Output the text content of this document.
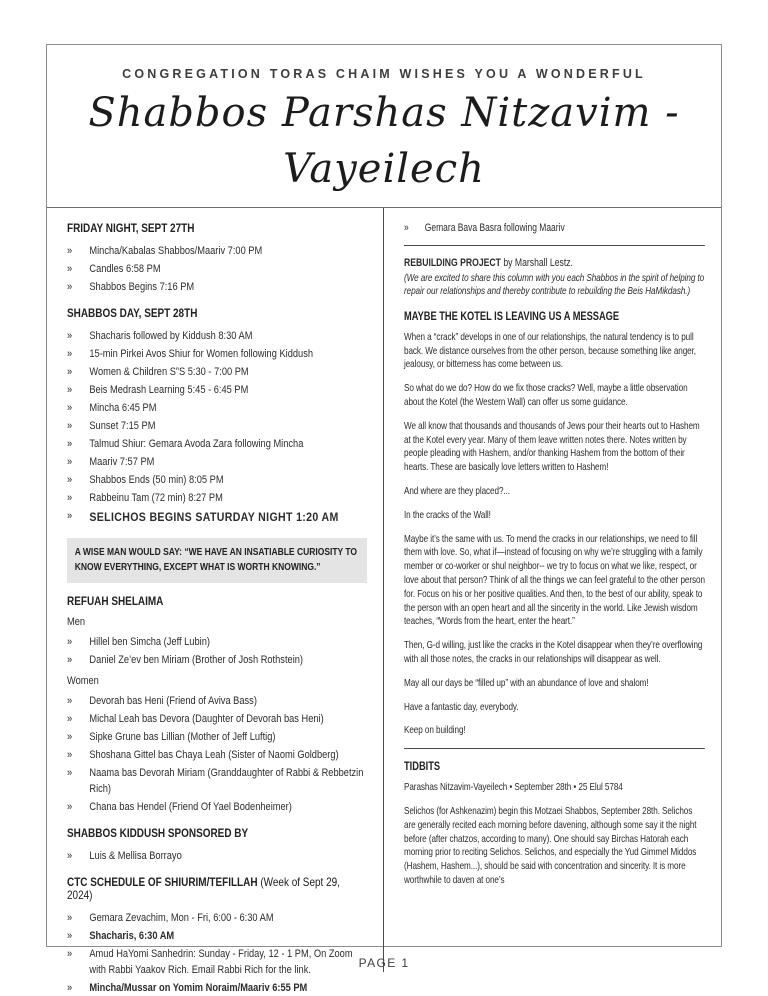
CONGREGATION TORAS CHAIM WISHES YOU A WONDERFUL
Shabbos Parshas Nitzavim - Vayeilech
FRIDAY NIGHT, SEPT 27TH
»	Mincha/Kabalas Shabbos/Maariv 7:00 PM
»	Candles 6:58 PM
»	Shabbos Begins 7:16 PM
SHABBOS DAY, SEPT 28TH
»	Shacharis followed by Kiddush 8:30 AM
»	15-min Pirkei Avos Shiur for Women following Kiddush
»	Women & Children S”S 5:30 - 7:00 PM
»	Beis Medrash Learning 5:45 - 6:45 PM
»	Mincha 6:45 PM
»	Sunset 7:15 PM
»	Talmud Shiur: Gemara Avoda Zara following Mincha
»	Maariv 7:57 PM
»	Shabbos Ends (50 min) 8:05 PM
»	Rabbeinu Tam (72 min) 8:27 PM
»	SELICHOS BEGINS SATURDAY NIGHT 1:20 AM
A WISE MAN WOULD SAY: “WE HAVE AN INSATIABLE CURIOSITY TO KNOW EVERYTHING, EXCEPT WHAT IS WORTH KNOWING.”
REFUAH SHELAIMA
Men
»	Hillel ben Simcha (Jeff Lubin)
»	Daniel Ze’ev ben Miriam (Brother of Josh Rothstein)
Women
»	Devorah bas Heni (Friend of Aviva Bass)
»	Michal Leah bas Devora (Daughter of Devorah bas Heni)
»	Sipke Grune bas Lillian (Mother of Jeff Luftig)
»	Shoshana Gittel bas Chaya Leah (Sister of Naomi Goldberg)
»	Naama bas Devorah Miriam (Granddaughter of Rabbi & Rebbetzin Rich)
»	Chana bas Hendel (Friend Of Yael Bodenheimer)
SHABBOS KIDDUSH SPONSORED BY
»	Luis & Mellisa Borrayo
CTC SCHEDULE OF SHIURIM/TEFILLAH (Week of Sept 29, 2024)
»	Gemara Zevachim, Mon - Fri, 6:00 - 6:30 AM
»	Shacharis, 6:30 AM
»	Amud HaYomi Sanhedrin: Sunday - Friday, 12 - 1 PM, On Zoom with Rabbi Yaakov Rich. Email Rabbi Rich for the link.
»	Mincha/Mussar on Yomim Noraim/Maariv 6:55 PM
»	Gemara Bava Basra following Maariv
REBUILDING PROJECT by Marshall Lestz.
(We are excited to share this column with you each Shabbos in the spirit of helping to repair our relationships and thereby contribute to rebuilding the Beis HaMikdash.)
MAYBE THE KOTEL IS LEAVING US A MESSAGE

When a “crack” develops in one of our relationships, the natural tendency is to pull back. We distance ourselves from the other person, because something like anger, jealousy, or bitterness has come between us.

So what do we do? How do we fix those cracks? Well, maybe a little observation about the Kotel (the Western Wall) can offer us some guidance.

We all know that thousands and thousands of Jews pour their hearts out to Hashem at the Kotel every year. Many of them leave written notes there. Notes written by people pleading with Hashem, and/or thanking Hashem from the bottom of their hearts. These are basically love letters written to Hashem!

And where are they placed?...

In the cracks of the Wall!

Maybe it’s the same with us. To mend the cracks in our relationships, we need to fill them with love. So, what if—instead of focusing on why we’re struggling with a family member or co-worker or shul neighbor-- we try to focus on what we like, respect, or love about that person? Think of all the things we can feel grateful to the other person for. Focus on his or her positive qualities. And then, to the best of our ability, speak to the person with an open heart and all the sincerity in the world. Like Jewish wisdom teaches, “Words from the heart, enter the heart.”

Then, G-d willing, just like the cracks in the Kotel disappear when they’re overflowing with all those notes, the cracks in our relationships will disappear as well.

May all our days be “filled up” with an abundance of love and shalom!

Have a fantastic day, everybody.

Keep on building!

TIDBITS
Parashas Nitzavim-Vayeilech • September 28th • 25 Elul 5784

Selichos (for Ashkenazim) begin this Motzaei Shabbos, September 28th. Selichos are generally recited each morning before davening, although some say it the night before (after chatzos, according to many). One should say Birchas Hatorah each morning prior to reciting Selichos. Selichos, and especially the Yud Gimmel Middos (Hashem, Hashem...), should be said with concentration and sincerity. It is more worthwhile to daven at one’s

PAGE 1
